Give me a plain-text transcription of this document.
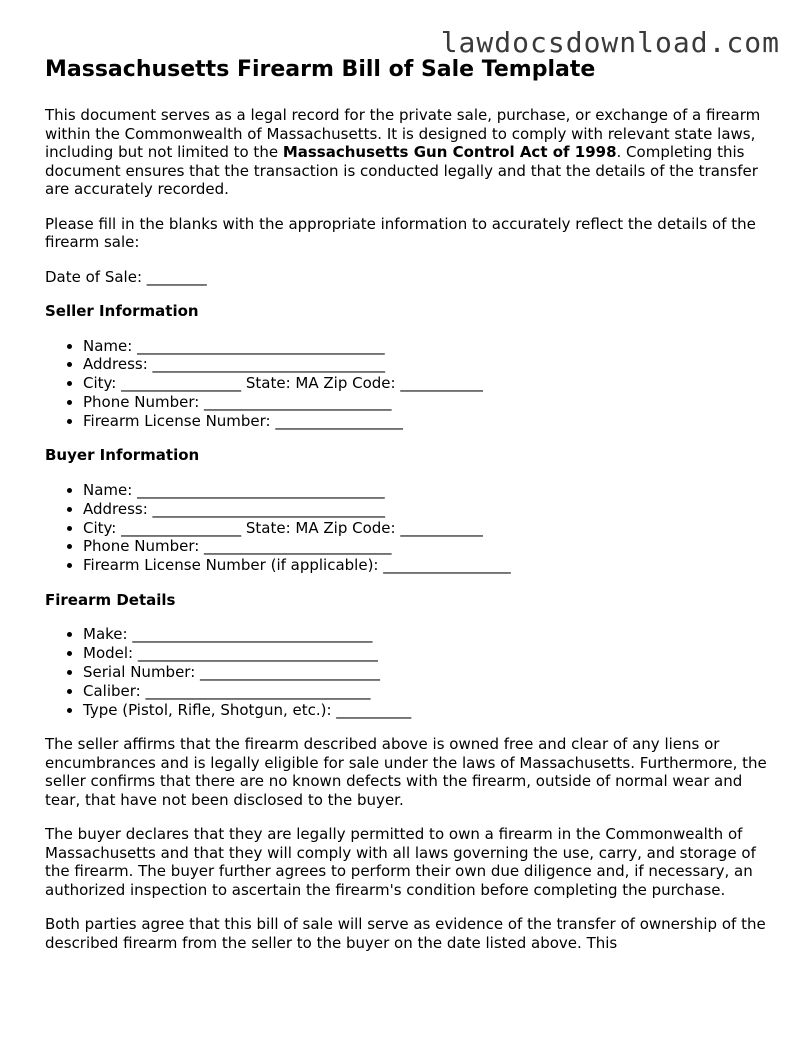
lawdocsdownload.com
Massachusetts Firearm Bill of Sale Template

This document serves as a legal record for the private sale, purchase, or exchange of a firearm within the Commonwealth of Massachusetts. It is designed to comply with relevant state laws, including but not limited to the Massachusetts Gun Control Act of 1998. Completing this document ensures that the transaction is conducted legally and that the details of the transfer are accurately recorded.

Please fill in the blanks with the appropriate information to accurately reflect the details of the firearm sale:

Date of Sale: ________

Seller Information
• Name: _________________________________
• Address: _______________________________
• City: ________________ State: MA Zip Code: ___________
• Phone Number: _________________________
• Firearm License Number: _________________
Buyer Information
• Name: _________________________________
• Address: _______________________________
• City: ________________ State: MA Zip Code: ___________
• Phone Number: _________________________
• Firearm License Number (if applicable): _________________
Firearm Details
• Make: ________________________________
• Model: ________________________________
• Serial Number: ________________________
• Caliber: ______________________________
• Type (Pistol, Rifle, Shotgun, etc.): __________

The seller affirms that the firearm described above is owned free and clear of any liens or encumbrances and is legally eligible for sale under the laws of Massachusetts. Furthermore, the seller confirms that there are no known defects with the firearm, outside of normal wear and tear, that have not been disclosed to the buyer.

The buyer declares that they are legally permitted to own a firearm in the Commonwealth of Massachusetts and that they will comply with all laws governing the use, carry, and storage of the firearm. The buyer further agrees to perform their own due diligence and, if necessary, an authorized inspection to ascertain the firearm's condition before completing the purchase.

Both parties agree that this bill of sale will serve as evidence of the transfer of ownership of the described firearm from the seller to the buyer on the date listed above. This
